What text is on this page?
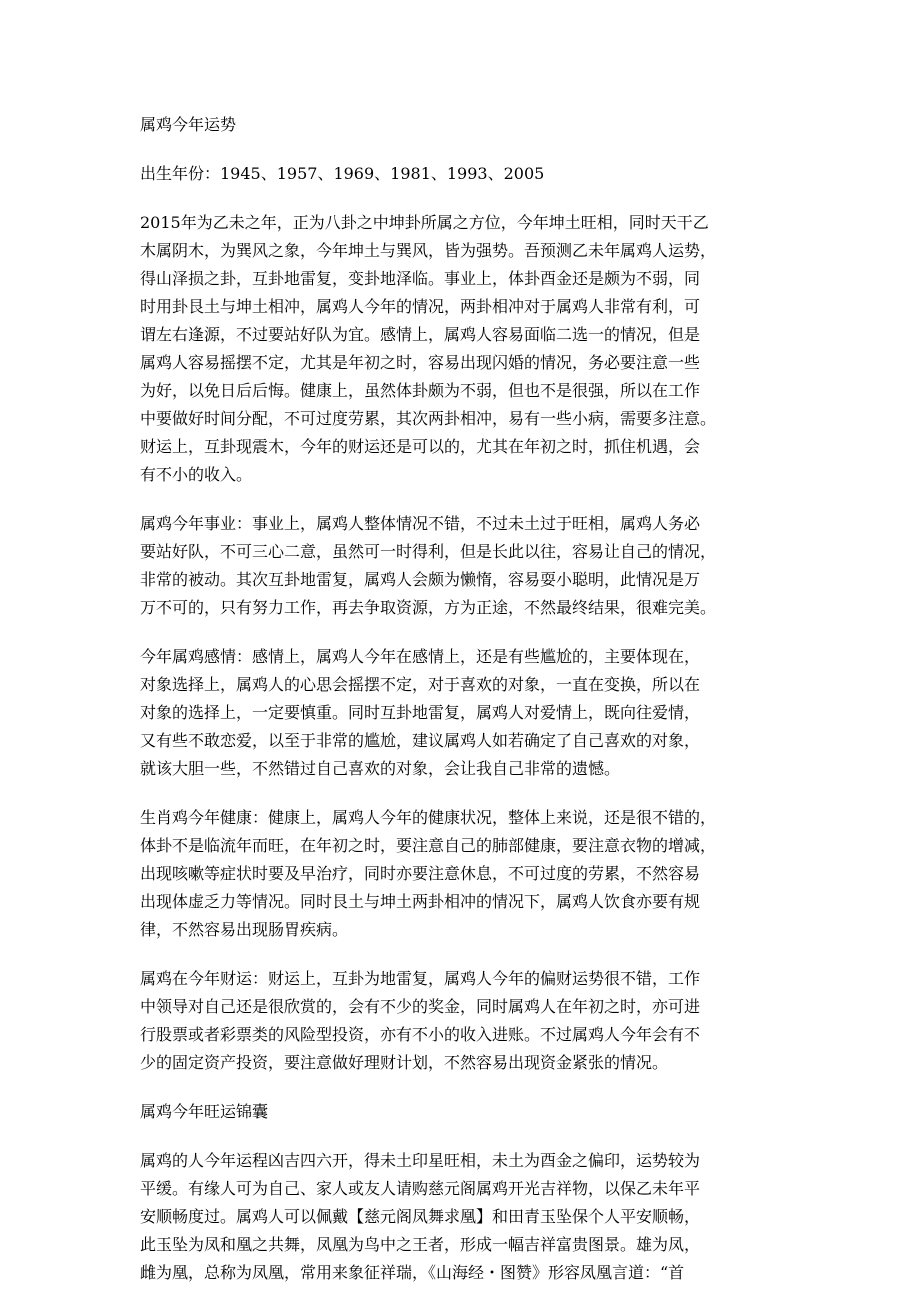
属鸡今年运势
出生年份：1945、1957、1969、1981、1993、2005
2015年为乙未之年，正为八卦之中坤卦所属之方位，今年坤土旺相，同时天干乙
木属阴木，为巽风之象，今年坤土与巽风，皆为强势。吾预测乙未年属鸡人运势，
得山泽损之卦，互卦地雷复，变卦地泽临。事业上，体卦酉金还是颇为不弱，同
时用卦艮土与坤土相冲，属鸡人今年的情况，两卦相冲对于属鸡人非常有利，可
谓左右逢源，不过要站好队为宜。感情上，属鸡人容易面临二选一的情况，但是
属鸡人容易摇摆不定，尤其是年初之时，容易出现闪婚的情况，务必要注意一些
为好，以免日后后悔。健康上，虽然体卦颇为不弱，但也不是很强，所以在工作
中要做好时间分配，不可过度劳累，其次两卦相冲，易有一些小病，需要多注意。
财运上，互卦现震木，今年的财运还是可以的，尤其在年初之时，抓住机遇，会
有不小的收入。
属鸡今年事业：事业上，属鸡人整体情况不错，不过未土过于旺相，属鸡人务必
要站好队，不可三心二意，虽然可一时得利，但是长此以往，容易让自己的情况，
非常的被动。其次互卦地雷复，属鸡人会颇为懒惰，容易耍小聪明，此情况是万
万不可的，只有努力工作，再去争取资源，方为正途，不然最终结果，很难完美。
今年属鸡感情：感情上，属鸡人今年在感情上，还是有些尴尬的，主要体现在，
对象选择上，属鸡人的心思会摇摆不定，对于喜欢的对象，一直在变换，所以在
对象的选择上，一定要慎重。同时互卦地雷复，属鸡人对爱情上，既向往爱情，
又有些不敢恋爱，以至于非常的尴尬，建议属鸡人如若确定了自己喜欢的对象，
就该大胆一些，不然错过自己喜欢的对象，会让我自己非常的遗憾。
生肖鸡今年健康：健康上，属鸡人今年的健康状况，整体上来说，还是很不错的，
体卦不是临流年而旺，在年初之时，要注意自己的肺部健康，要注意衣物的增减，
出现咳嗽等症状时要及早治疗，同时亦要注意休息，不可过度的劳累，不然容易
出现体虚乏力等情况。同时艮土与坤土两卦相冲的情况下，属鸡人饮食亦要有规
律，不然容易出现肠胃疾病。
属鸡在今年财运：财运上，互卦为地雷复，属鸡人今年的偏财运势很不错，工作
中领导对自己还是很欣赏的，会有不少的奖金，同时属鸡人在年初之时，亦可进
行股票或者彩票类的风险型投资，亦有不小的收入进账。不过属鸡人今年会有不
少的固定资产投资，要注意做好理财计划，不然容易出现资金紧张的情况。
属鸡今年旺运锦囊
属鸡的人今年运程凶吉四六开，得未土印星旺相，未土为酉金之偏印，运势较为
平缓。有缘人可为自己、家人或友人请购慈元阁属鸡开光吉祥物，以保乙未年平
安顺畅度过。属鸡人可以佩戴【慈元阁凤舞求凰】和田青玉坠保个人平安顺畅，
此玉坠为凤和凰之共舞，凤凰为鸟中之王者，形成一幅吉祥富贵图景。雄为凤，
雌为凰，总称为凤凰，常用来象征祥瑞，《山海经・图赞》形容凤凰言道：“首
